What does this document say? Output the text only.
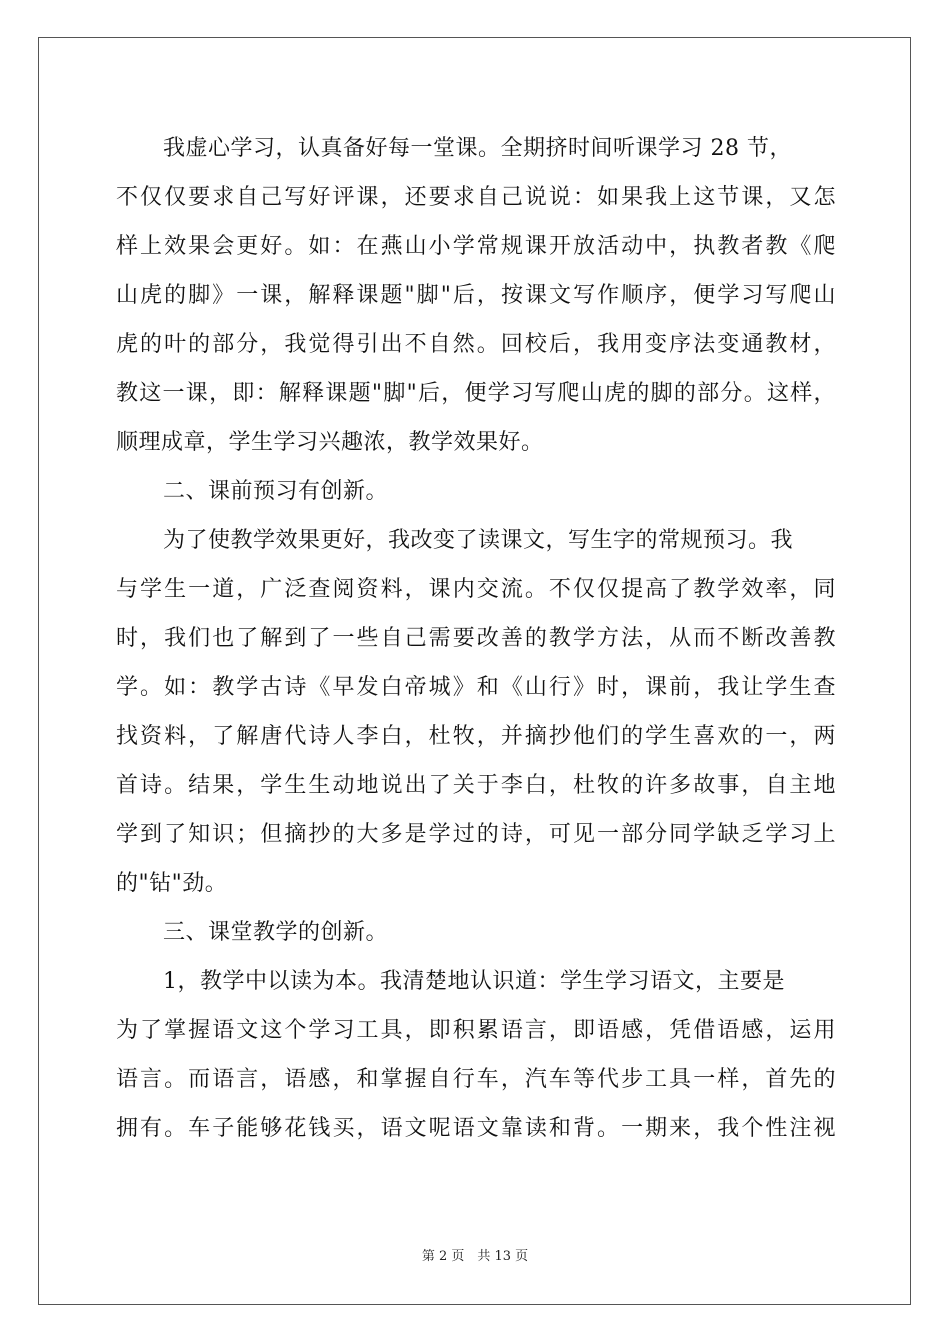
我虚心学习，认真备好每一堂课。全期挤时间听课学习 28 节，
不仅仅要求自己写好评课，还要求自己说说：如果我上这节课，又怎
样上效果会更好。如：在燕山小学常规课开放活动中，执教者教《爬
山虎的脚》一课，解释课题"脚"后，按课文写作顺序，便学习写爬山
虎的叶的部分，我觉得引出不自然。回校后，我用变序法变通教材，
教这一课，即：解释课题"脚"后，便学习写爬山虎的脚的部分。这样，
顺理成章，学生学习兴趣浓，教学效果好。
二、课前预习有创新。
为了使教学效果更好，我改变了读课文，写生字的常规预习。我
与学生一道，广泛查阅资料，课内交流。不仅仅提高了教学效率，同
时，我们也了解到了一些自己需要改善的教学方法，从而不断改善教
学。如：教学古诗《早发白帝城》和《山行》时，课前，我让学生查
找资料，了解唐代诗人李白，杜牧，并摘抄他们的学生喜欢的一，两
首诗。结果，学生生动地说出了关于李白，杜牧的许多故事，自主地
学到了知识；但摘抄的大多是学过的诗，可见一部分同学缺乏学习上
的"钻"劲。
三、课堂教学的创新。
1，教学中以读为本。我清楚地认识道：学生学习语文，主要是
为了掌握语文这个学习工具，即积累语言，即语感，凭借语感，运用
语言。而语言，语感，和掌握自行车，汽车等代步工具一样，首先的
拥有。车子能够花钱买，语文呢语文靠读和背。一期来，我个性注视
第 2 页　共 13 页
